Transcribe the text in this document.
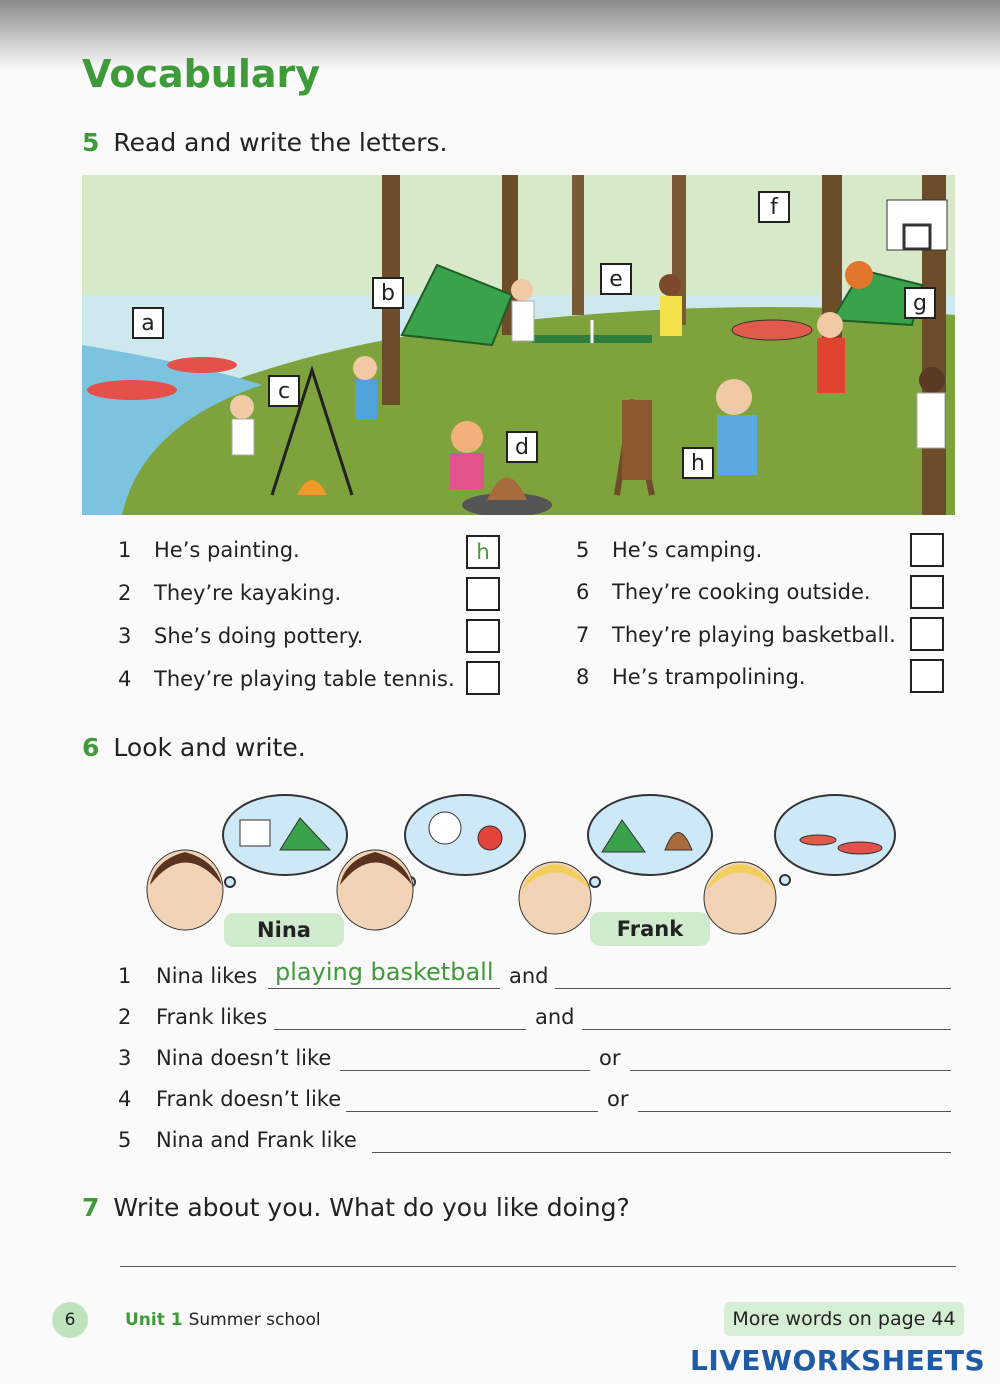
Vocabulary
5 Read and write the letters.
a
b
c
d
e
f
g
h
1 He’s painting.	h
2 They’re kayaking.
3 She’s doing pottery.
4 They’re playing table tennis.
5 He’s camping.
6 They’re cooking outside.
7 They’re playing basketball.
8 He’s trampolining.
6 Look and write.
Nina	Frank
1 Nina likes playing basketball and
2 Frank likes	and
3 Nina doesn’t like	or
4 Frank doesn’t like	or
5 Nina and Frank like
7 Write about you. What do you like doing?
6	Unit 1 Summer school	More words on page 44
LIVEWORKSHEETS
